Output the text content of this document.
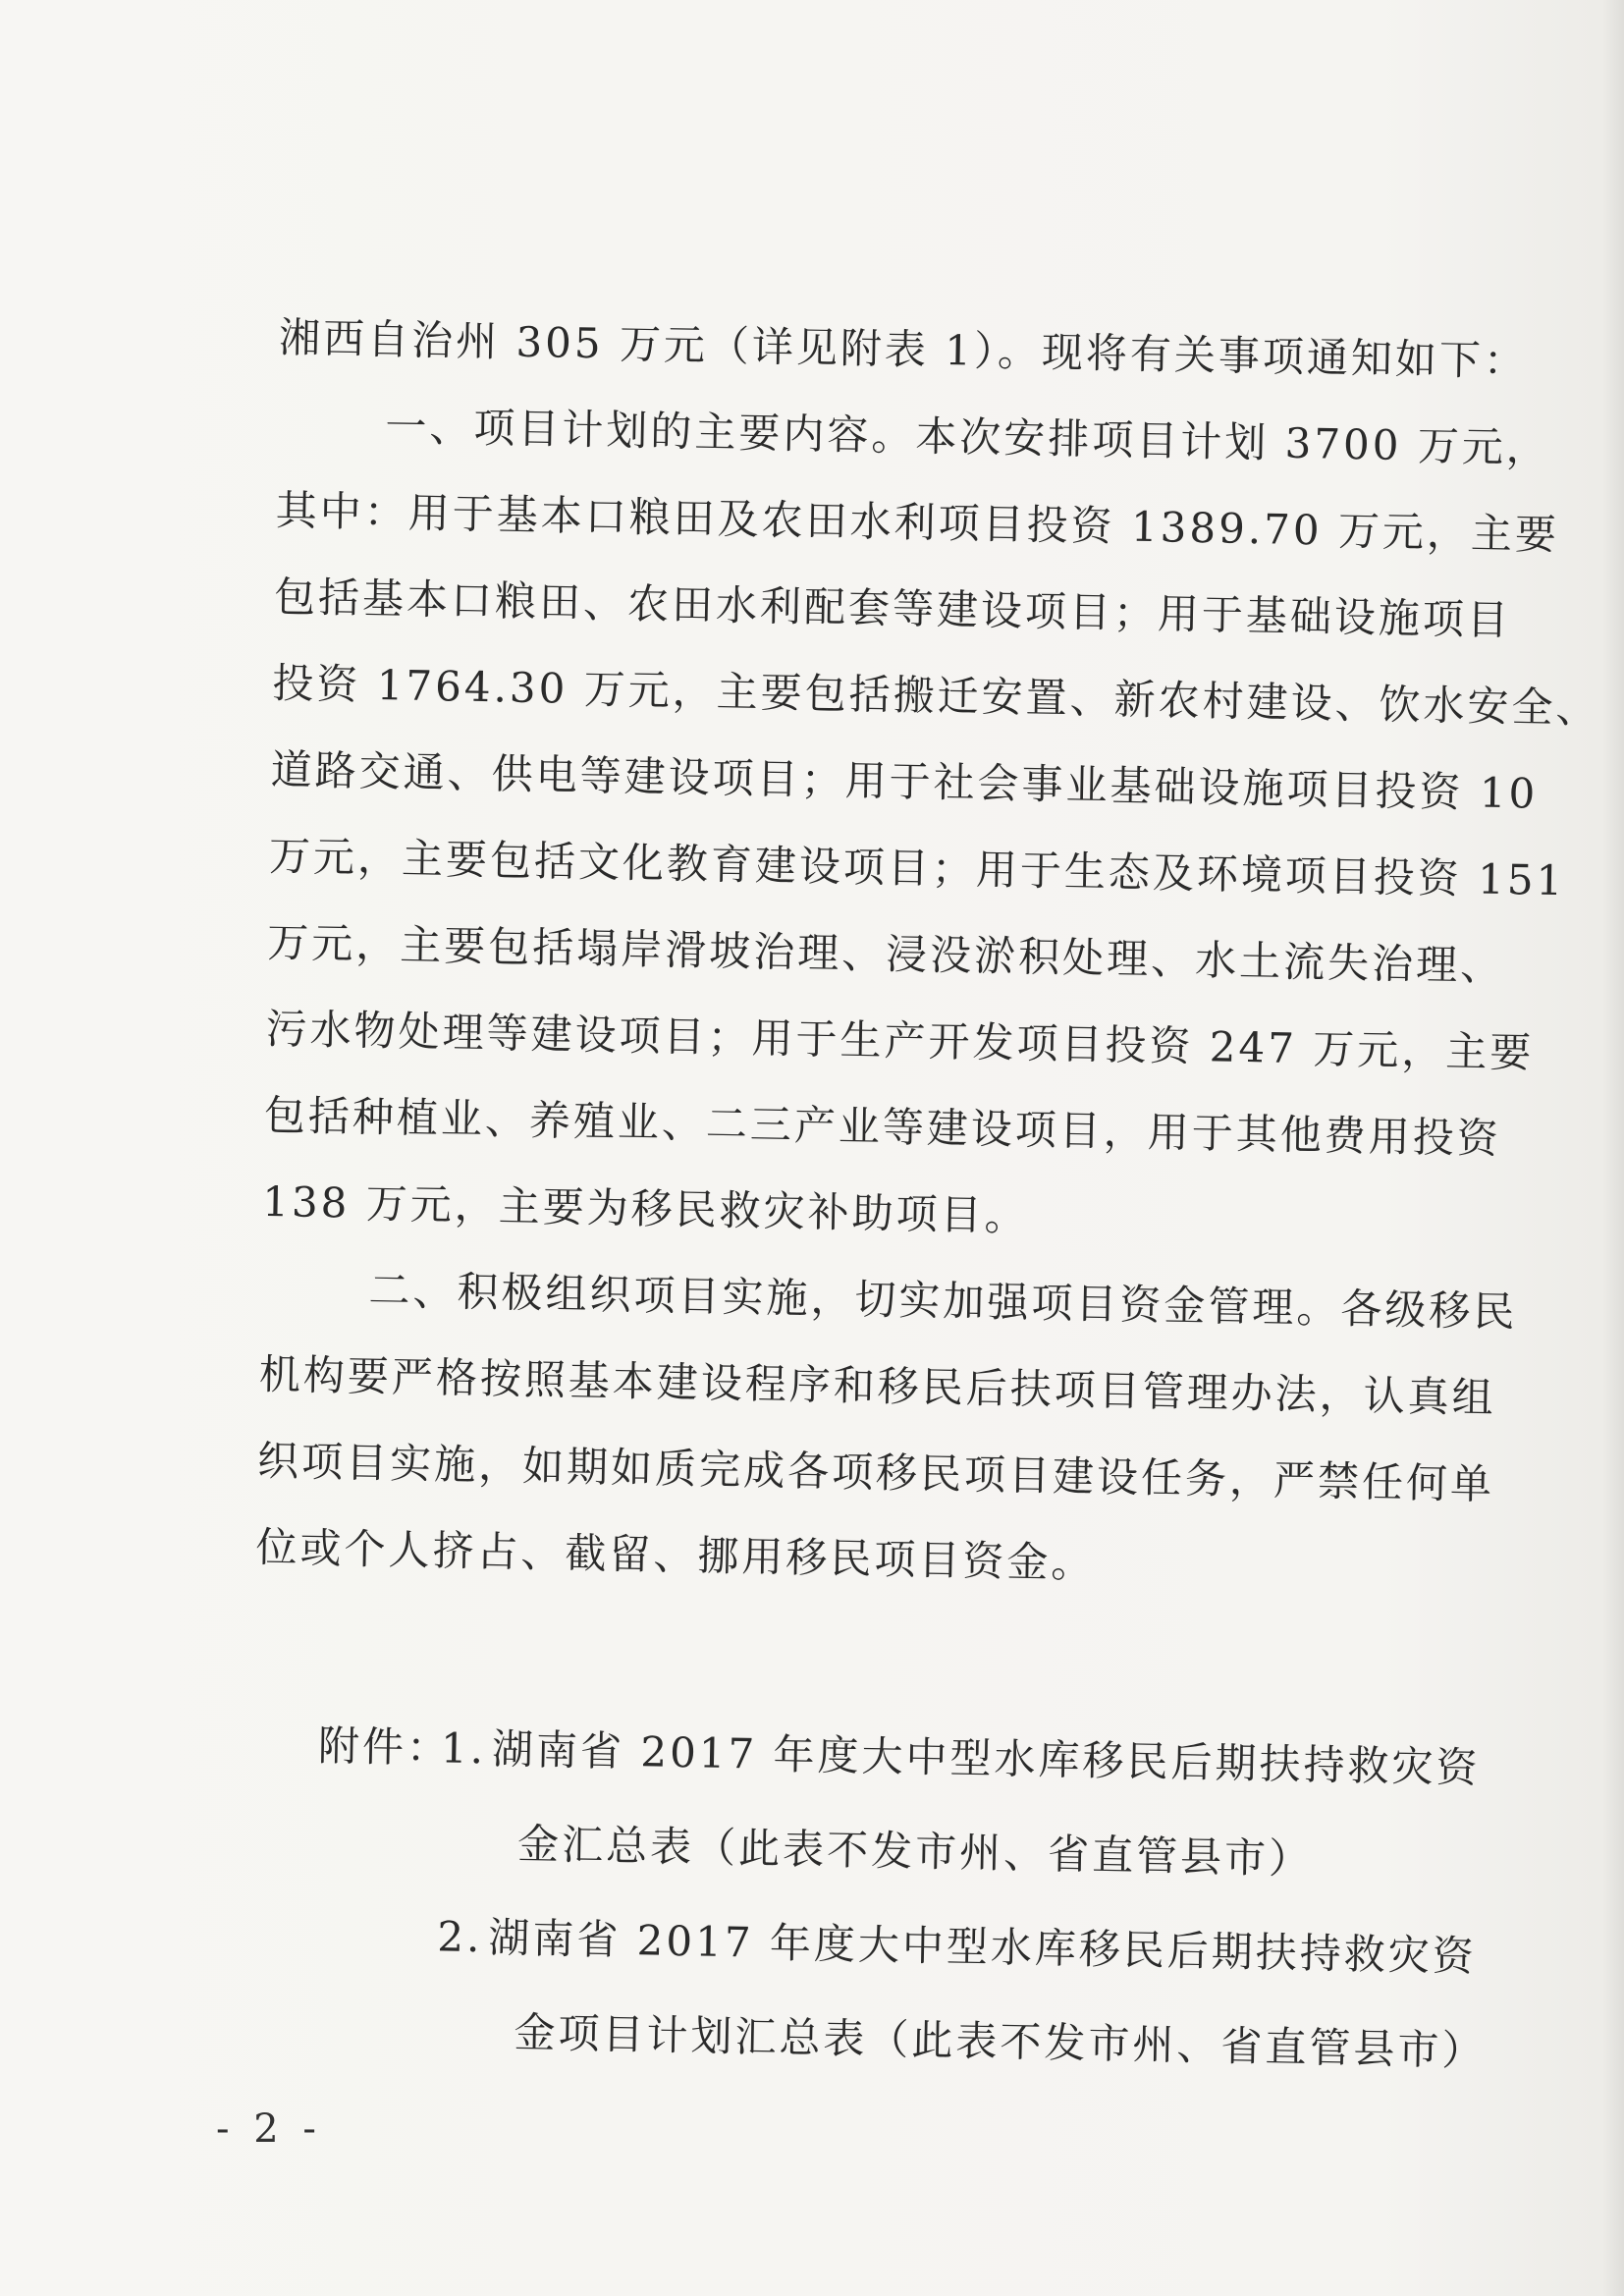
湘西自治州 305 万元（详见附表 1）。现将有关事项通知如下：
一、项目计划的主要内容。本次安排项目计划 3700 万元，
其中：用于基本口粮田及农田水利项目投资 1389.70 万元，主要
包括基本口粮田、农田水利配套等建设项目；用于基础设施项目
投资 1764.30 万元，主要包括搬迁安置、新农村建设、饮水安全、
道路交通、供电等建设项目；用于社会事业基础设施项目投资 10
万元，主要包括文化教育建设项目；用于生态及环境项目投资 151
万元，主要包括塌岸滑坡治理、浸没淤积处理、水土流失治理、
污水物处理等建设项目；用于生产开发项目投资 247 万元，主要
包括种植业、养殖业、二三产业等建设项目，用于其他费用投资
138 万元，主要为移民救灾补助项目。
二、积极组织项目实施，切实加强项目资金管理。各级移民
机构要严格按照基本建设程序和移民后扶项目管理办法，认真组
织项目实施，如期如质完成各项移民项目建设任务，严禁任何单
位或个人挤占、截留、挪用移民项目资金。
附件：1. 湖南省 2017 年度大中型水库移民后期扶持救灾资
金汇总表（此表不发市州、省直管县市）
2. 湖南省 2017 年度大中型水库移民后期扶持救灾资
金项目计划汇总表（此表不发市州、省直管县市）
- 2 -
